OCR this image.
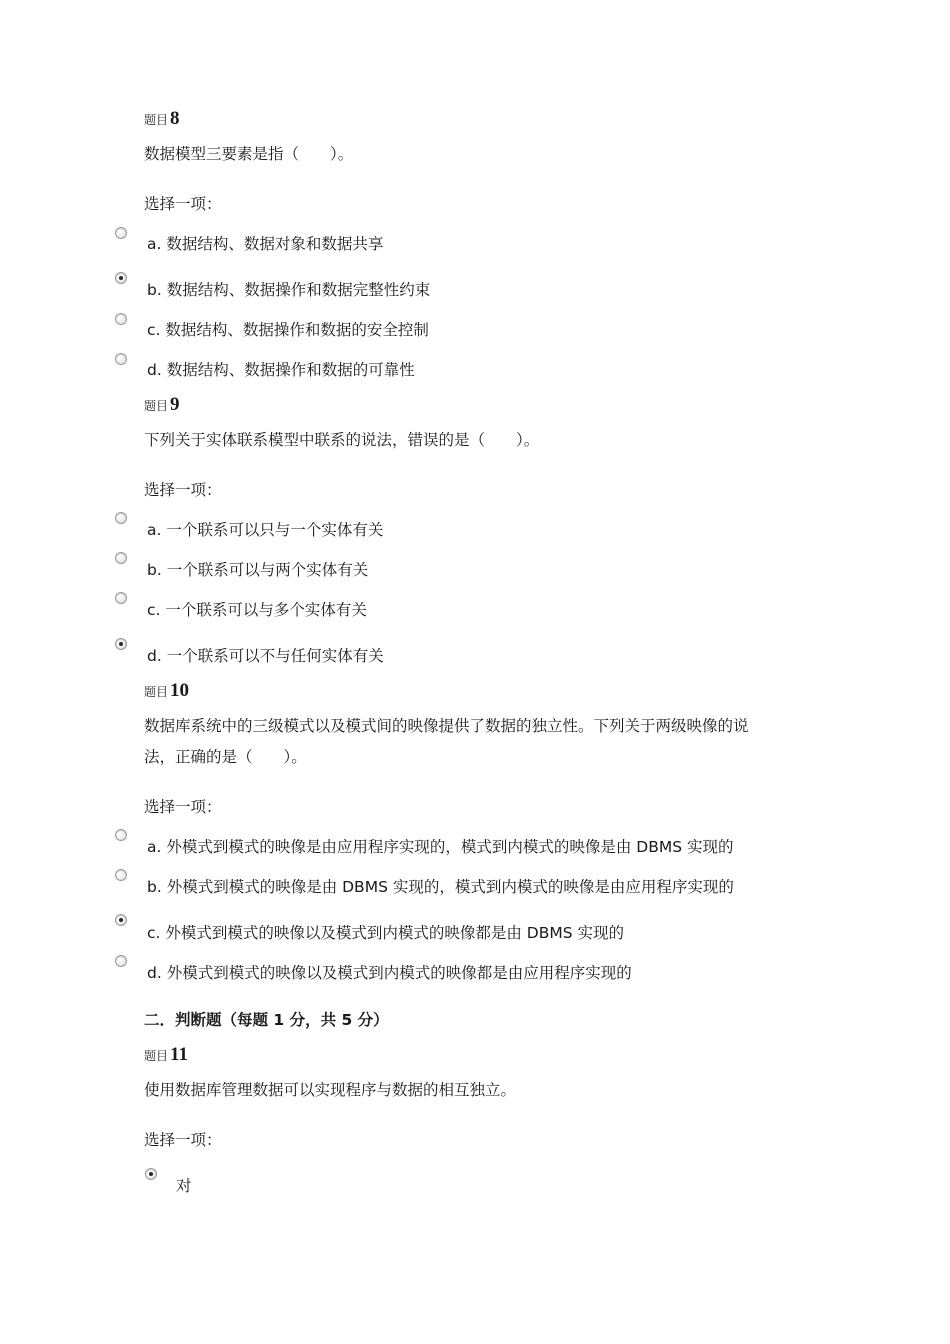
题目 8
数据模型三要素是指（　　）。
选择一项：
a. 数据结构、数据对象和数据共享
b. 数据结构、数据操作和数据完整性约束
c. 数据结构、数据操作和数据的安全控制
d. 数据结构、数据操作和数据的可靠性
题目 9
下列关于实体联系模型中联系的说法，错误的是（　　）。
选择一项：
a. 一个联系可以只与一个实体有关
b. 一个联系可以与两个实体有关
c. 一个联系可以与多个实体有关
d. 一个联系可以不与任何实体有关
题目 10
数据库系统中的三级模式以及模式间的映像提供了数据的独立性。下列关于两级映像的说
法，正确的是（　　）。
选择一项：
a. 外模式到模式的映像是由应用程序实现的，模式到内模式的映像是由 DBMS 实现的
b. 外模式到模式的映像是由 DBMS 实现的，模式到内模式的映像是由应用程序实现的
c. 外模式到模式的映像以及模式到内模式的映像都是由 DBMS 实现的
d. 外模式到模式的映像以及模式到内模式的映像都是由应用程序实现的
二．判断题（每题 1 分，共 5 分）
题目 11
使用数据库管理数据可以实现程序与数据的相互独立。
选择一项：
对
